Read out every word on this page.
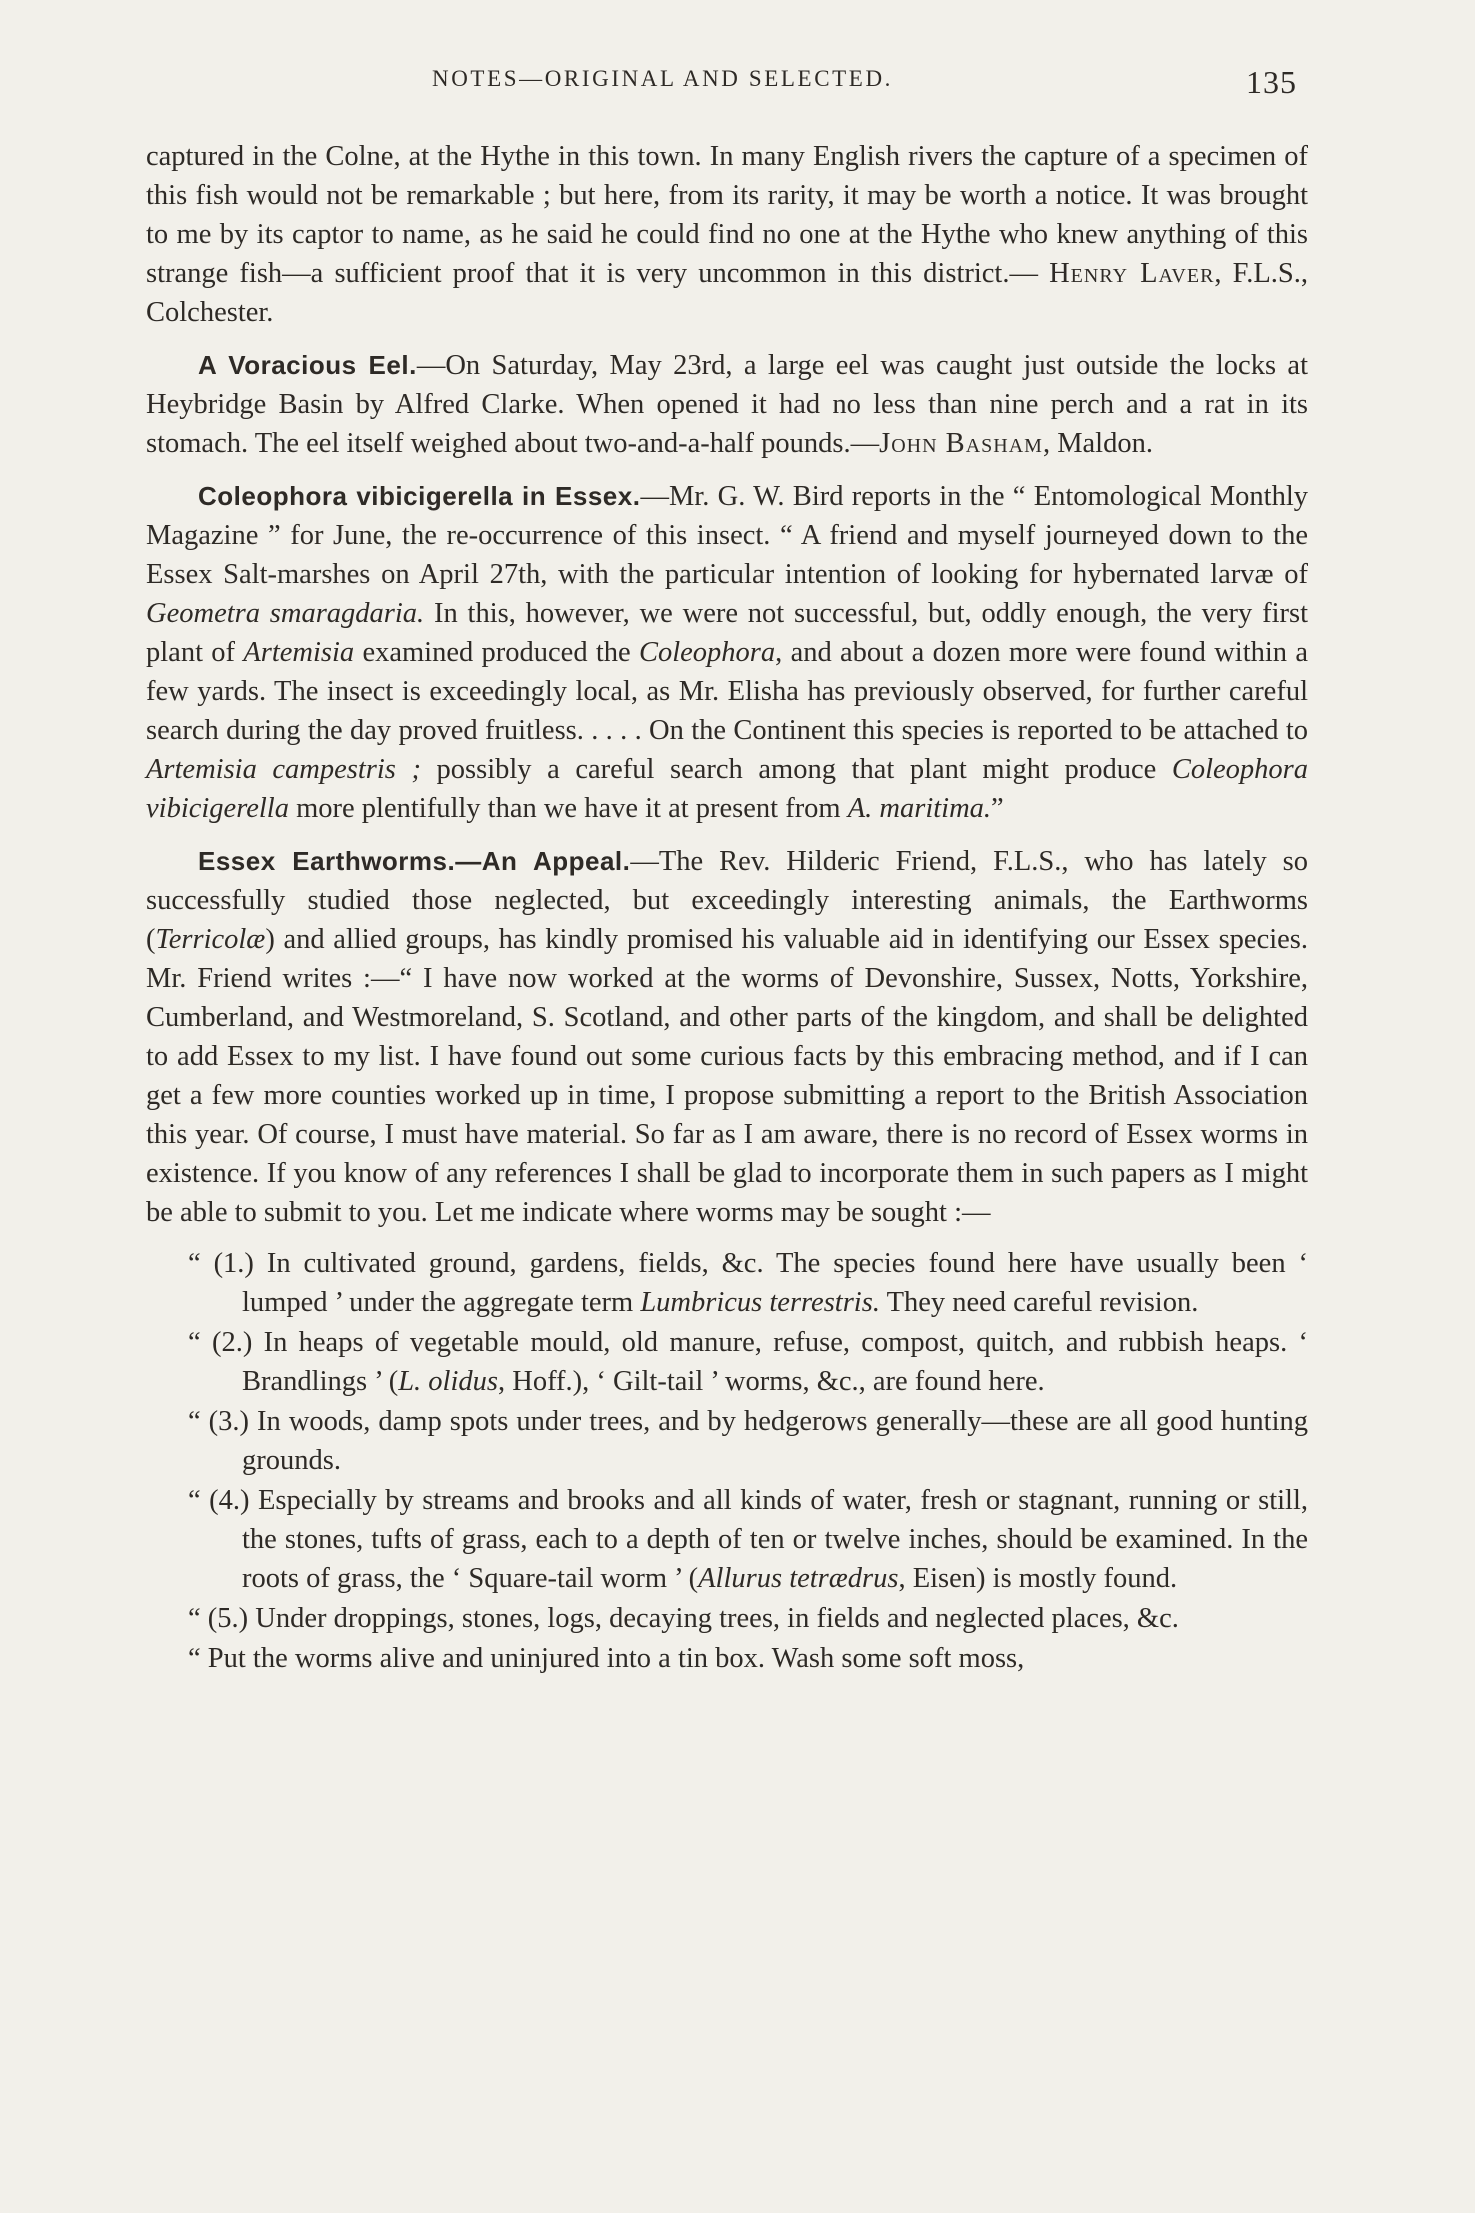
NOTES—ORIGINAL AND SELECTED.	135

captured in the Colne, at the Hythe in this town. In many English rivers the capture of a specimen of this fish would not be remarkable ; but here, from its rarity, it may be worth a notice. It was brought to me by its captor to name, as he said he could find no one at the Hythe who knew anything of this strange fish—a sufficient proof that it is very uncommon in this district.— Henry Laver, F.L.S., Colchester.

A Voracious Eel.—On Saturday, May 23rd, a large eel was caught just outside the locks at Heybridge Basin by Alfred Clarke. When opened it had no less than nine perch and a rat in its stomach. The eel itself weighed about two-and-a-half pounds.—John Basham, Maldon.

Coleophora vibicigerella in Essex.—Mr. G. W. Bird reports in the “ Entomological Monthly Magazine ” for June, the re-occurrence of this insect. “ A friend and myself journeyed down to the Essex Salt-marshes on April 27th, with the particular intention of looking for hybernated larvæ of Geometra smaragdaria. In this, however, we were not successful, but, oddly enough, the very first plant of Artemisia examined produced the Coleophora, and about a dozen more were found within a few yards. The insect is exceedingly local, as Mr. Elisha has previously observed, for further careful search during the day proved fruitless. . . . . On the Continent this species is reported to be attached to Artemisia campestris ; possibly a careful search among that plant might produce Coleophora vibicigerella more plentifully than we have it at present from A. maritima.”

Essex Earthworms.—An Appeal.—The Rev. Hilderic Friend, F.L.S., who has lately so successfully studied those neglected, but exceedingly interesting animals, the Earthworms (Terricolæ) and allied groups, has kindly promised his valuable aid in identifying our Essex species. Mr. Friend writes :—“ I have now worked at the worms of Devonshire, Sussex, Notts, Yorkshire, Cumberland, and Westmoreland, S. Scotland, and other parts of the kingdom, and shall be delighted to add Essex to my list. I have found out some curious facts by this embracing method, and if I can get a few more counties worked up in time, I propose submitting a report to the British Association this year. Of course, I must have material. So far as I am aware, there is no record of Essex worms in existence. If you know of any references I shall be glad to incorporate them in such papers as I might be able to submit to you. Let me indicate where worms may be sought :—

“ (1.) In cultivated ground, gardens, fields, &c. The species found here have usually been ‘ lumped ’ under the aggregate term Lumbricus terrestris. They need careful revision.

“ (2.) In heaps of vegetable mould, old manure, refuse, compost, quitch, and rubbish heaps. ‘ Brandlings ’ (L. olidus, Hoff.), ‘ Gilt-tail ’ worms, &c., are found here.

“ (3.) In woods, damp spots under trees, and by hedgerows generally—these are all good hunting grounds.

“ (4.) Especially by streams and brooks and all kinds of water, fresh or stagnant, running or still, the stones, tufts of grass, each to a depth of ten or twelve inches, should be examined. In the roots of grass, the ‘ Square-tail worm ’ (Allurus tetrædrus, Eisen) is mostly found.

“ (5.) Under droppings, stones, logs, decaying trees, in fields and neglected places, &c.

“ Put the worms alive and uninjured into a tin box. Wash some soft moss,
